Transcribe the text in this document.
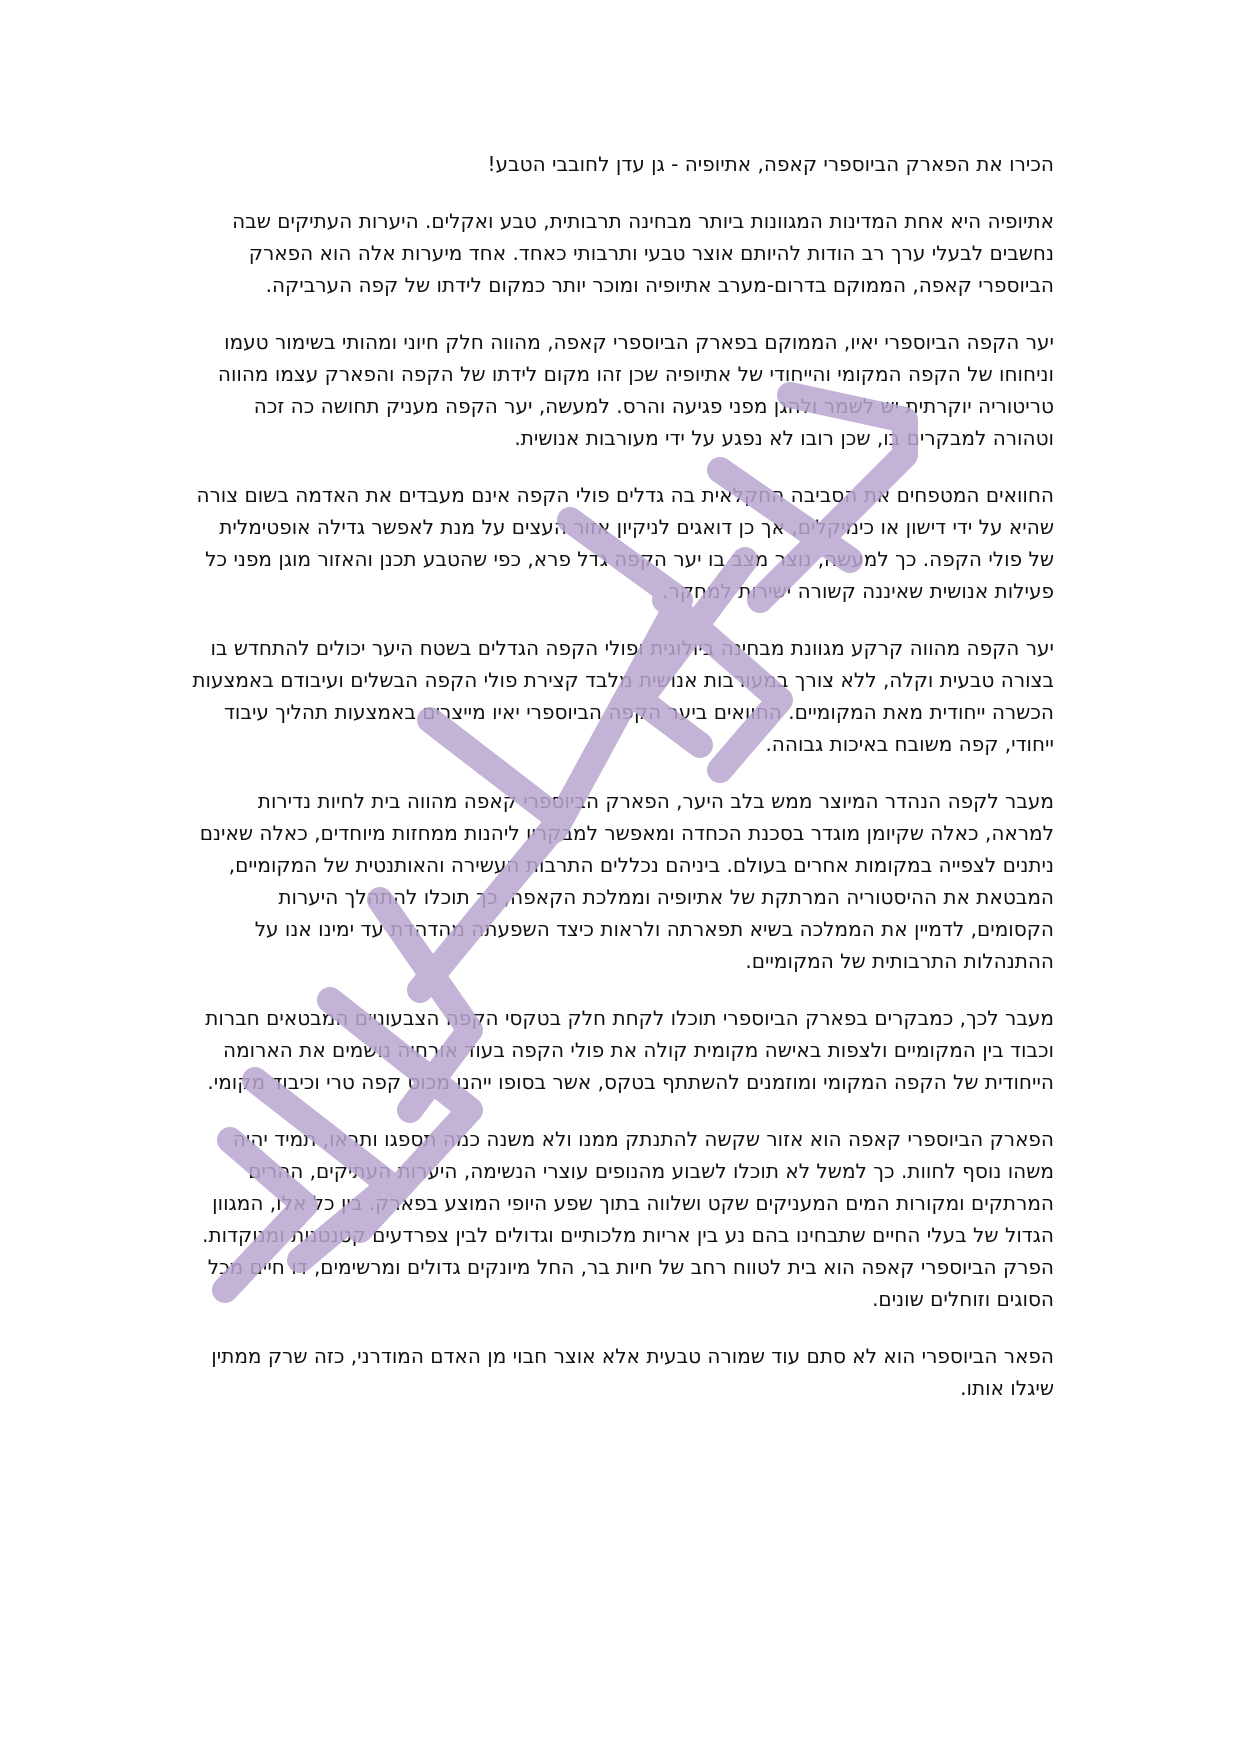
הכירו את הפארק הביוספרי קאפה, אתיופיה - גן עדן לחובבי הטבע!

אתיופיה היא אחת המדינות המגוונות ביותר מבחינה תרבותית, טבע ואקלים. היערות העתיקים שבה נחשבים לבעלי ערך רב הודות להיותם אוצר טבעי ותרבותי כאחד. אחד מיערות אלה הוא הפארק הביוספרי קאפה, הממוקם בדרום-מערב אתיופיה ומוכר יותר כמקום לידתו של קפה הערביקה.

יער הקפה הביוספרי יאיו, הממוקם בפארק הביוספרי קאפה, מהווה חלק חיוני ומהותי בשימור טעמו וניחוחו של הקפה המקומי והייחודי של אתיופיה שכן זהו מקום לידתו של הקפה והפארק עצמו מהווה טריטוריה יוקרתית יש לשמר ולהגן מפני פגיעה והרס. למעשה, יער הקפה מעניק תחושה כה זכה וטהורה למבקרים בו, שכן רובו לא נפגע על ידי מעורבות אנושית.

החוואים המטפחים את הסביבה החקלאית בה גדלים פולי הקפה אינם מעבדים את האדמה בשום צורה שהיא על ידי דישון או כימיקלים, אך כן דואגים לניקיון אזור העצים על מנת לאפשר גדילה אופטימלית של פולי הקפה. כך למעשה, נוצר מצב בו יער הקפה גדל פרא, כפי שהטבע תכנן והאזור מוגן מפני כל פעילות אנושית שאיננה קשורה ישירות למחקר.

יער הקפה מהווה קרקע מגוונת מבחינה ביולוגית ופולי הקפה הגדלים בשטח היער יכולים להתחדש בו בצורה טבעית וקלה, ללא צורך במעורבות אנושית מלבד קצירת פולי הקפה הבשלים ועיבודם באמצעות הכשרה ייחודית מאת המקומיים. החוואים ביער הקפה הביוספרי יאיו מייצרים באמצעות תהליך עיבוד ייחודי, קפה משובח באיכות גבוהה.

מעבר לקפה הנהדר המיוצר ממש בלב היער, הפארק הביוספרי קאפה מהווה בית לחיות נדירות למראה, כאלה שקיומן מוגדר בסכנת הכחדה ומאפשר למבקריו ליהנות ממחזות מיוחדים, כאלה שאינם ניתנים לצפייה במקומות אחרים בעולם. ביניהם נכללים התרבות העשירה והאותנטית של המקומיים, המבטאת את ההיסטוריה המרתקת של אתיופיה וממלכת הקאפה, כך תוכלו להתהלך היערות הקסומים, לדמיין את הממלכה בשיא תפארתה ולראות כיצד השפעתה מהדהדת עד ימינו אנו על ההתנהלות התרבותית של המקומיים.

מעבר לכך, כמבקרים בפארק הביוספרי תוכלו לקחת חלק בטקסי הקפה הצבעוניים המבטאים חברות וכבוד בין המקומיים ולצפות באישה מקומית קולה את פולי הקפה בעוד אורחיה נושמים את הארומה הייחודית של הקפה המקומי ומוזמנים להשתתף בטקס, אשר בסופו ייהנו מכוס קפה טרי וכיבוד מקומי.

הפארק הביוספרי קאפה הוא אזור שקשה להתנתק ממנו ולא משנה כמה תספגו ותראו, תמיד יהיה משהו נוסף לחוות. כך למשל לא תוכלו לשבוע מהנופים עוצרי הנשימה, היערות העתיקים, ההרים המרתקים ומקורות המים המעניקים שקט ושלווה בתוך שפע היופי המוצע בפארק. בין כל אלו, המגוון הגדול של בעלי החיים שתבחינו בהם נע בין אריות מלכותיים וגדולים לבין צפרדעים קטנטנות ומנוקדות. הפרק הביוספרי קאפה הוא בית לטווח רחב של חיות בר, החל מיונקים גדולים ומרשימים, דו חיים מכל הסוגים וזוחלים שונים.

הפאר הביוספרי הוא לא סתם עוד שמורה טבעית אלא אוצר חבוי מן האדם המודרני, כזה שרק ממתין שיגלו אותו.
